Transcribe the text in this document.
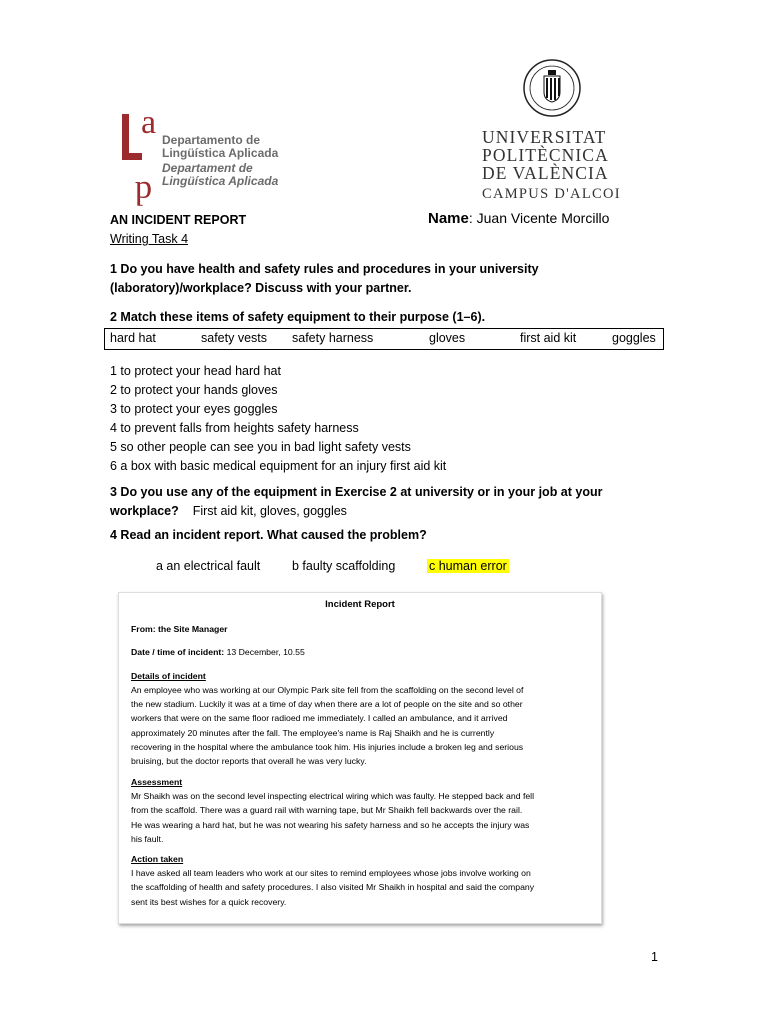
a
d
Departamento de
Lingüística Aplicada
Departament de
Lingüística Aplicada
UNIVERSITAT
POLITÈCNICA
DE VALÈNCIA
CAMPUS D'ALCOI
AN INCIDENT REPORT	Name: Juan Vicente Morcillo
Writing Task 4
1 Do you have health and safety rules and procedures in your university
(laboratory)/workplace? Discuss with your partner.
2 Match these items of safety equipment to their purpose (1–6).
hard hat	safety vests safety harness	gloves	first aid kit	goggles
1 to protect your head hard hat
2 to protect your hands gloves
3 to protect your eyes goggles
4 to prevent falls from heights safety harness
5 so other people can see you in bad light safety vests
6 a box with basic medical equipment for an injury first aid kit
3 Do you use any of the equipment in Exercise 2 at university or in your job at your
workplace? First aid kit, gloves, goggles
4 Read an incident report. What caused the problem?
a an electrical fault	b faulty scaffolding	c human error
Incident Report
From: the Site Manager
Date / time of incident: 13 December, 10.55
Details of incident
An employee who was working at our Olympic Park site fell from the scaffolding on the second level of
the new stadium. Luckily it was at a time of day when there are a lot of people on the site and so other
workers that were on the same floor radioed me immediately. I called an ambulance, and it arrived
approximately 20 minutes after the fall. The employee's name is Raj Shaikh and he is currently
recovering in the hospital where the ambulance took him. His injuries include a broken leg and serious
bruising, but the doctor reports that overall he was very lucky.
Assessment
Mr Shaikh was on the second level inspecting electrical wiring which was faulty. He stepped back and fell
from the scaffold. There was a guard rail with warning tape, but Mr Shaikh fell backwards over the rail.
He was wearing a hard hat, but he was not wearing his safety harness and so he accepts the injury was
his fault.
Action taken
I have asked all team leaders who work at our sites to remind employees whose jobs involve working on
the scaffolding of health and safety procedures. I also visited Mr Shaikh in hospital and said the company
sent its best wishes for a quick recovery.
1
